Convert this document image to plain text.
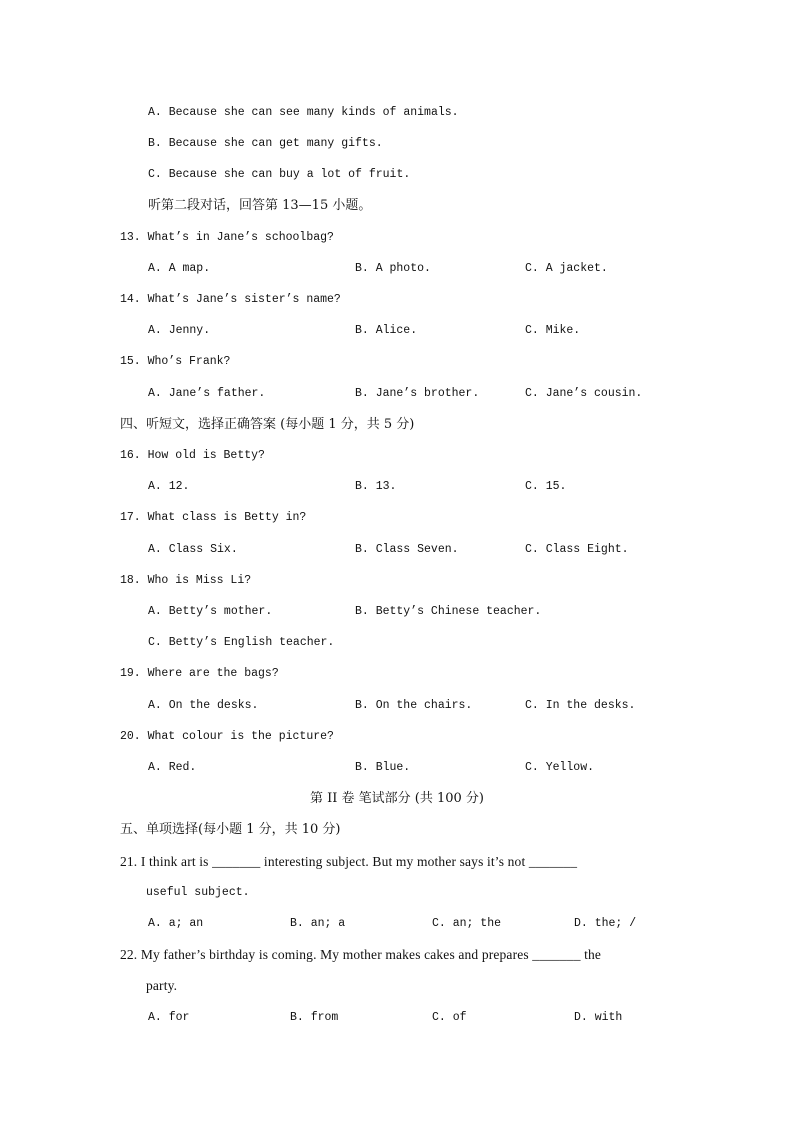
A. Because she can see many kinds of animals.
B. Because she can get many gifts.
C. Because she can buy a lot of fruit.
听第二段对话，回答第 13—15 小题。
13. What’s in Jane’s schoolbag?
A. A map.	B. A photo.	C. A jacket.
14. What’s Jane’s sister’s name?
A. Jenny.	B. Alice.	C. Mike.
15. Who’s Frank?
A. Jane’s father.	B. Jane’s brother.	C. Jane’s cousin.
四、听短文，选择正确答案 (每小题 1 分，共 5 分)
16. How old is Betty?
A. 12.	B. 13.	C. 15.
17. What class is Betty in?
A. Class Six.	B. Class Seven.	C. Class Eight.
18. Who is Miss Li?
A. Betty’s mother.	B. Betty’s Chinese teacher.
C. Betty’s English teacher.
19. Where are the bags?
A. On the desks.	B. On the chairs.	C. In the desks.
20. What colour is the picture?
A. Red.	B. Blue.	C. Yellow.
第 II 卷 笔试部分 (共 100 分)
五、单项选择(每小题 1 分，共 10 分)
21. I think art is _______ interesting subject. But my mother says it’s not _______
useful subject.
A. a; an	B. an; a	C. an; the	D. the; /
22. My father’s birthday is coming. My mother makes cakes and prepares _______ the
party.
A. for	B. from	C. of	D. with
